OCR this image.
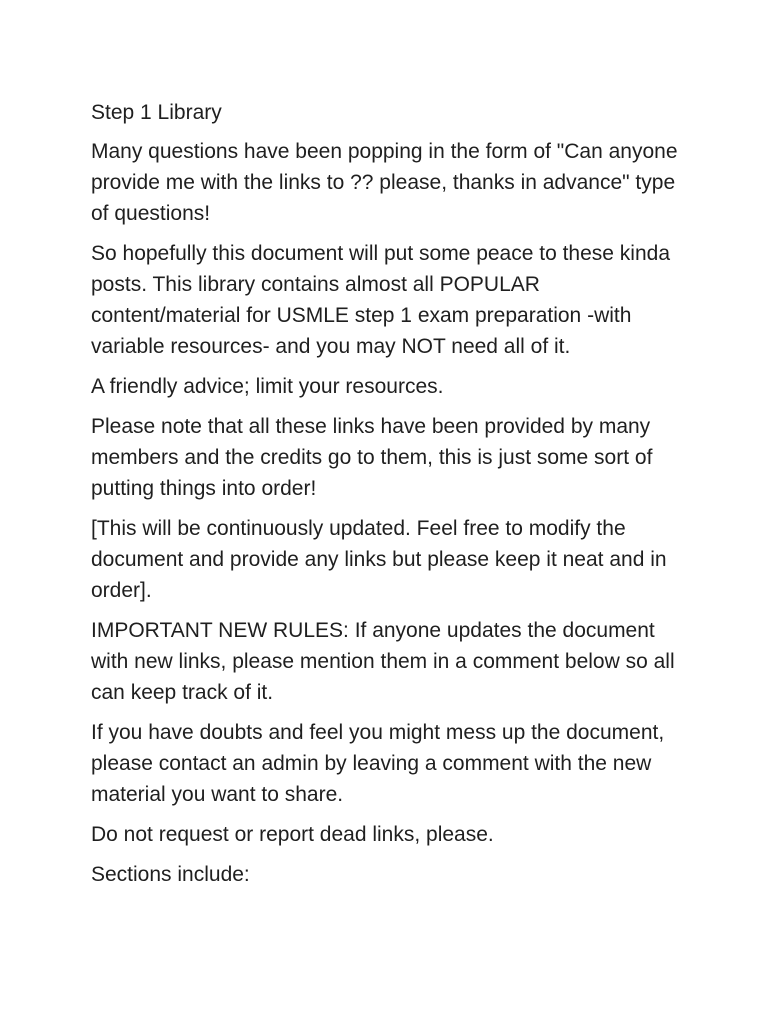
Step 1 Library

Many questions have been popping in the form of "Can anyone provide me with the links to ?? please, thanks in advance" type of questions!

So hopefully this document will put some peace to these kinda posts. This library contains almost all POPULAR content/material for USMLE step 1 exam preparation -with variable resources- and you may NOT need all of it.

A friendly advice; limit your resources.

Please note that all these links have been provided by many members and the credits go to them, this is just some sort of putting things into order!

[This will be continuously updated. Feel free to modify the document and provide any links but please keep it neat and in order].

IMPORTANT NEW RULES: If anyone updates the document with new links, please mention them in a comment below so all can keep track of it.

If you have doubts and feel you might mess up the document, please contact an admin by leaving a comment with the new material you want to share.

Do not request or report dead links, please.

Sections include:
